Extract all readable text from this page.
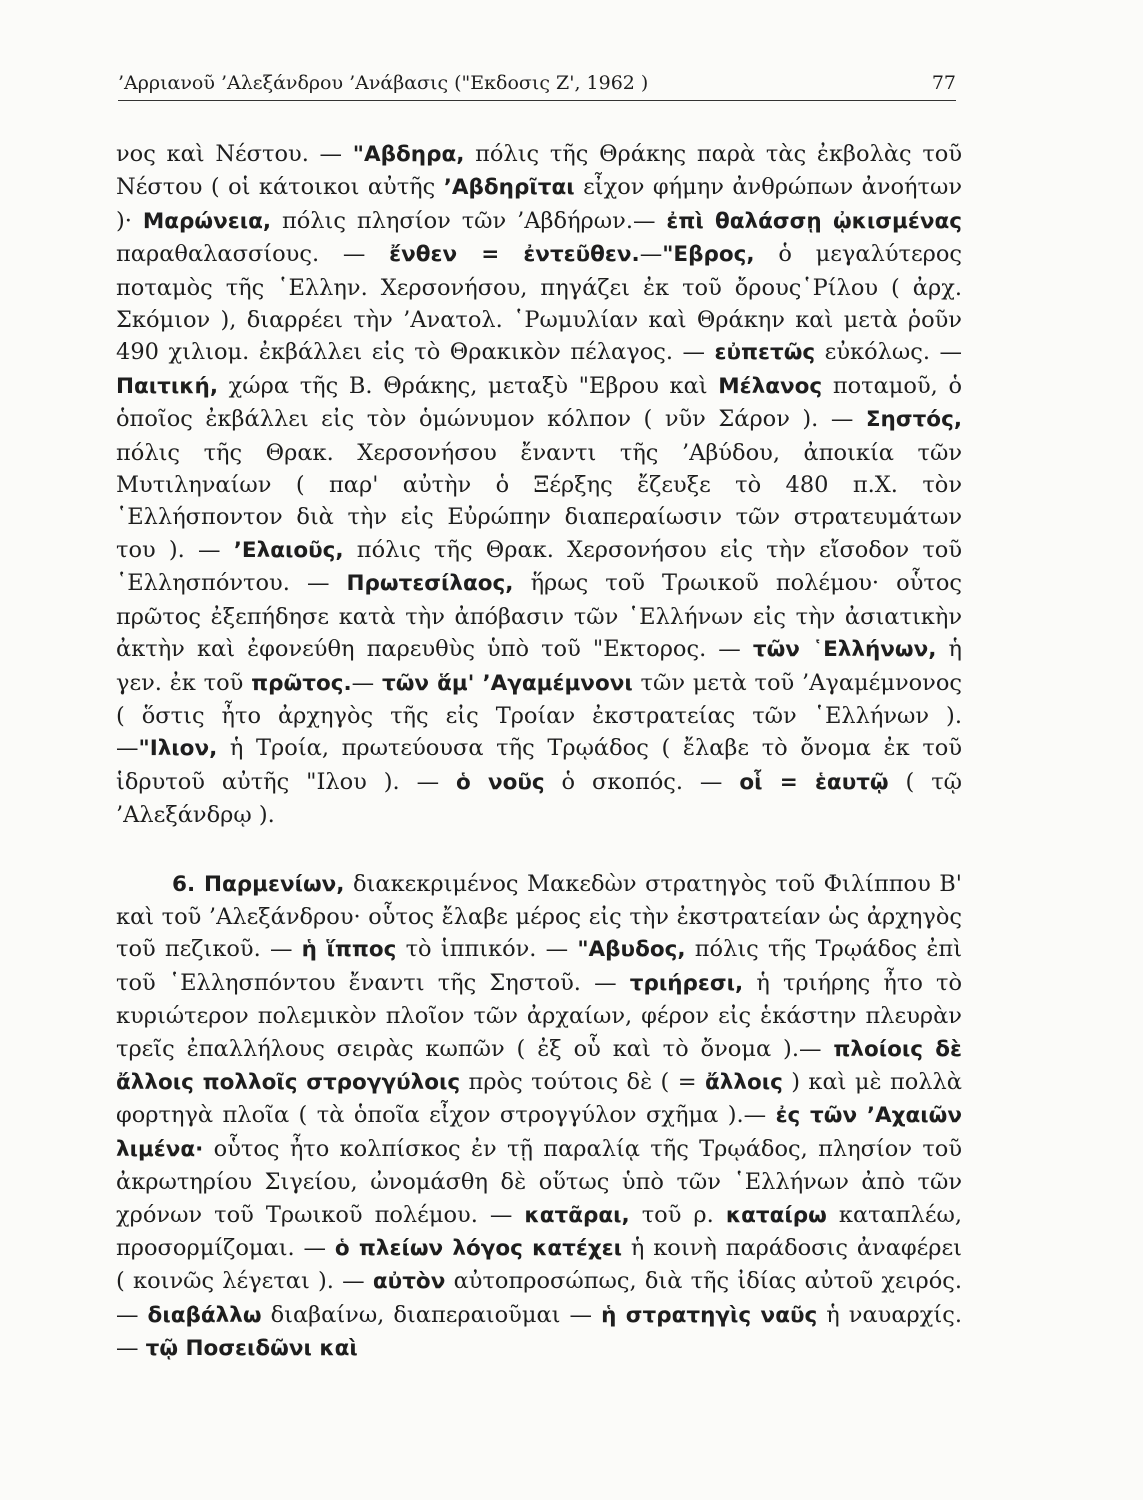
’Αρριανοῦ ’Αλεξάνδρου ’Ανάβασις ("Εκδοσις Ζ', 1962 )	77

νος καὶ Νέστου. — "Αβδηρα, πόλις τῆς Θράκης παρὰ τὰς ἐκβολὰς τοῦ Νέστου ( οἱ κάτοικοι αὐτῆς ’Αβδηρῖται εἶχον φήμην ἀνθρώπων ἀνοήτων )· Μαρώνεια, πόλις πλησίον τῶν ’Αβδήρων.— ἐπὶ θαλάσσῃ ᾠκισμένας παραθαλασσίους. — ἔνθεν = ἐντεῦθεν.—"Εβρος, ὁ μεγαλύτερος ποταμὸς τῆς ῾Ελλην. Χερσονήσου, πηγάζει ἐκ τοῦ ὄρους῾Ρίλου ( ἀρχ. Σκόμιον ), διαρρέει τὴν ’Ανατολ. ῾Ρωμυλίαν καὶ Θράκην καὶ μετὰ ῥοῦν 490 χιλιομ. ἐκβάλλει εἰς τὸ Θρακικὸν πέλαγος. — εὐπετῶς εὐκόλως. — Παιτική, χώρα τῆς Β. Θράκης, μεταξὺ "Εβρου καὶ Μέλανος ποταμοῦ, ὁ ὁποῖος ἐκβάλλει εἰς τὸν ὁμώνυμον κόλπον ( νῦν Σάρον ). — Σηστός, πόλις τῆς Θρακ. Χερσονήσου ἔναντι τῆς ’Αβύδου, ἀποικία τῶν Μυτιληναίων ( παρ' αὐτὴν ὁ Ξέρξης ἔζευξε τὸ 480 π.Χ. τὸν ῾Ελλήσποντον διὰ τὴν εἰς Εὐρώπην διαπεραίωσιν τῶν στρατευμάτων του ). — ’Ελαιοῦς, πόλις τῆς Θρακ. Χερσονήσου εἰς τὴν εἴσοδον τοῦ ῾Ελλησπόντου. — Πρωτεσίλαος, ἥρως τοῦ Τρωικοῦ πολέμου· οὗτος πρῶτος ἐξεπήδησε κατὰ τὴν ἀπόβασιν τῶν ῾Ελλήνων εἰς τὴν ἀσιατικὴν ἀκτὴν καὶ ἐφονεύθη παρευθὺς ὑπὸ τοῦ "Εκτορος. — τῶν ῾Ελλήνων, ἡ γεν. ἐκ τοῦ πρῶτος.— τῶν ἅμ' ’Αγαμέμνονι τῶν μετὰ τοῦ ’Αγαμέμνονος ( ὅστις ἦτο ἀρχηγὸς τῆς εἰς Τροίαν ἐκστρατείας τῶν ῾Ελλήνων ).—"Ιλιον, ἡ Τροία, πρωτεύουσα τῆς Τρῳάδος ( ἔλαβε τὸ ὄνομα ἐκ τοῦ ἱδρυτοῦ αὐτῆς "Ιλου ). — ὁ νοῦς ὁ σκοπός. — οἷ = ἑαυτῷ ( τῷ ’Αλεξάνδρῳ ).

6. Παρμενίων, διακεκριμένος Μακεδὼν στρατηγὸς τοῦ Φιλίππου Β' καὶ τοῦ ’Αλεξάνδρου· οὗτος ἔλαβε μέρος εἰς τὴν ἐκστρατείαν ὡς ἀρχηγὸς τοῦ πεζικοῦ. — ἡ ἵππος τὸ ἱππικόν. — "Αβυδος, πόλις τῆς Τρῳάδος ἐπὶ τοῦ ῾Ελλησπόντου ἔναντι τῆς Σηστοῦ. — τριήρεσι, ἡ τριήρης ἦτο τὸ κυριώτερον πολεμικὸν πλοῖον τῶν ἀρχαίων, φέρον εἰς ἑκάστην πλευρὰν τρεῖς ἐπαλλήλους σειρὰς κωπῶν ( ἐξ οὗ καὶ τὸ ὄνομα ).— πλοίοις δὲ ἄλλοις πολλοῖς στρογγύλοις πρὸς τούτοις δὲ ( = ἄλλοις ) καὶ μὲ πολλὰ φορτηγὰ πλοῖα ( τὰ ὁποῖα εἶχον στρογγύλον σχῆμα ).— ἐς τῶν ’Αχαιῶν λιμένα· οὗτος ἦτο κολπίσκος ἐν τῇ παραλίᾳ τῆς Τρῳάδος, πλησίον τοῦ ἀκρωτηρίου Σιγείου, ὠνομάσθη δὲ οὕτως ὑπὸ τῶν ῾Ελλήνων ἀπὸ τῶν χρόνων τοῦ Τρωικοῦ πολέμου. — κατᾶραι, τοῦ ρ. καταίρω καταπλέω, προσορμίζομαι. — ὁ πλείων λόγος κατέχει ἡ κοινὴ παράδοσις ἀναφέρει ( κοινῶς λέγεται ). — αὐτὸν αὐτοπροσώπως, διὰ τῆς ἰδίας αὐτοῦ χειρός. — διαβάλλω διαβαίνω, διαπεραιοῦμαι — ἡ στρατηγὶς ναῦς ἡ ναυαρχίς. — τῷ Ποσειδῶνι καὶ
